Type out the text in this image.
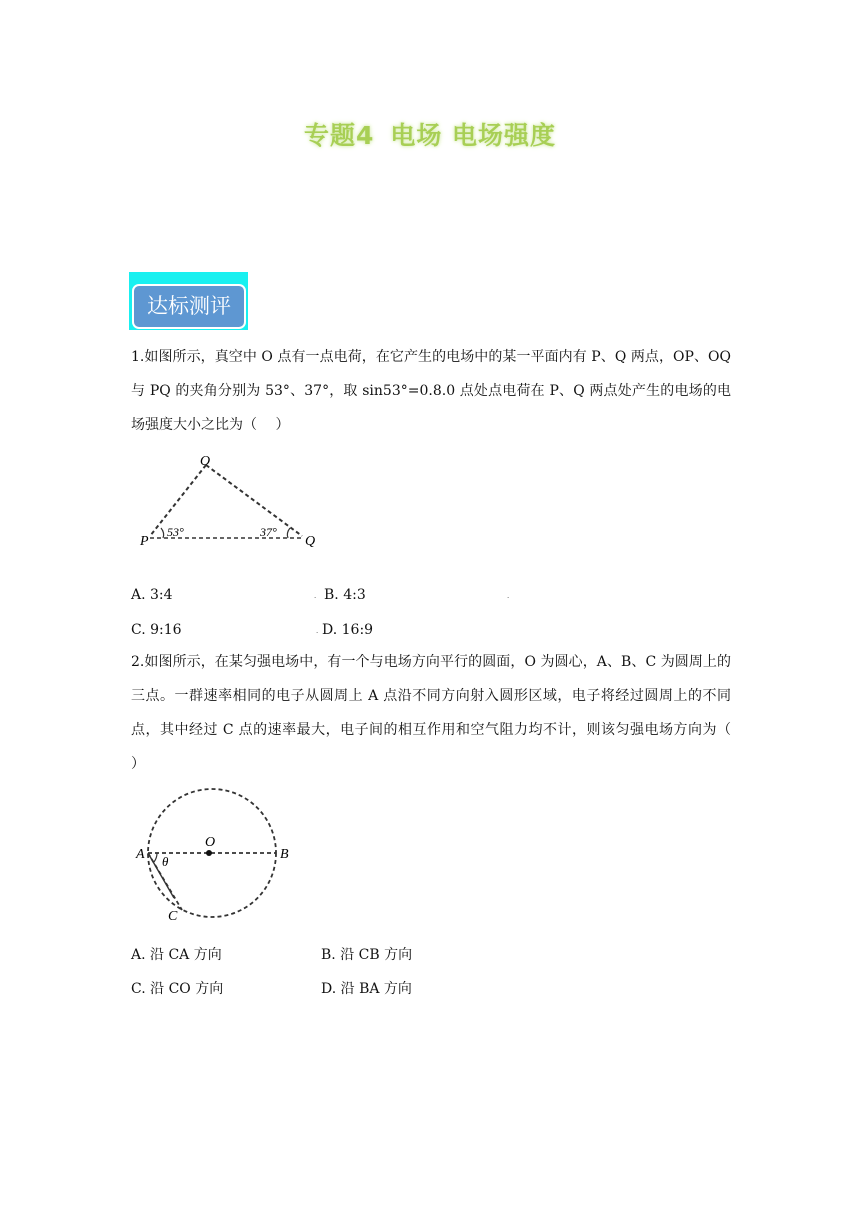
专题4 电场 电场强度
达标测评
1.如图所示，真空中 O 点有一点电荷，在它产生的电场中的某一平面内有 P、Q 两点，OP、OQ 与 PQ 的夹角分别为 53°、37°，取 sin53°=0.8.0 点处点电荷在 P、Q 两点处产生的电场的电场强度大小之比为（　 ）
O
P	Q
53°	37°
A. 3:4	. B. 4:3	.
C. 9:16	. D. 16:9
2.如图所示，在某匀强电场中，有一个与电场方向平行的圆面，O 为圆心，A、B、C 为圆周上的三点。一群速率相同的电子从圆周上 A 点沿不同方向射入圆形区域，电子将经过圆周上的不同点，其中经过 C 点的速率最大，电子间的相互作用和空气阻力均不计，则该匀强电场方向为（　 ）
O
A	B
C
θ
A. 沿 CA 方向	B. 沿 CB 方向
C. 沿 CO 方向	D. 沿 BA 方向
